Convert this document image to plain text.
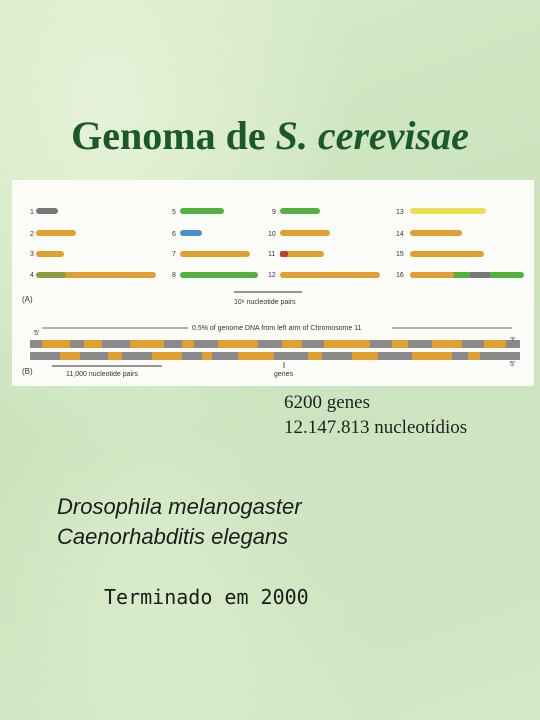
Genoma de S. cerevisae
(A)
1
2
3
4
5
6
7
8
9
10
11
12
13
14
15
16
10⁶ nucleotide pairs
0.5% of genome DNA from left arm of Chromosome 11
5'
5'
(B)	11,000 nucleotide pairs	genes
6200 genes
12.147.813 nucleotídios
Drosophila melanogaster
Caenorhabditis elegans
Terminado em 2000
